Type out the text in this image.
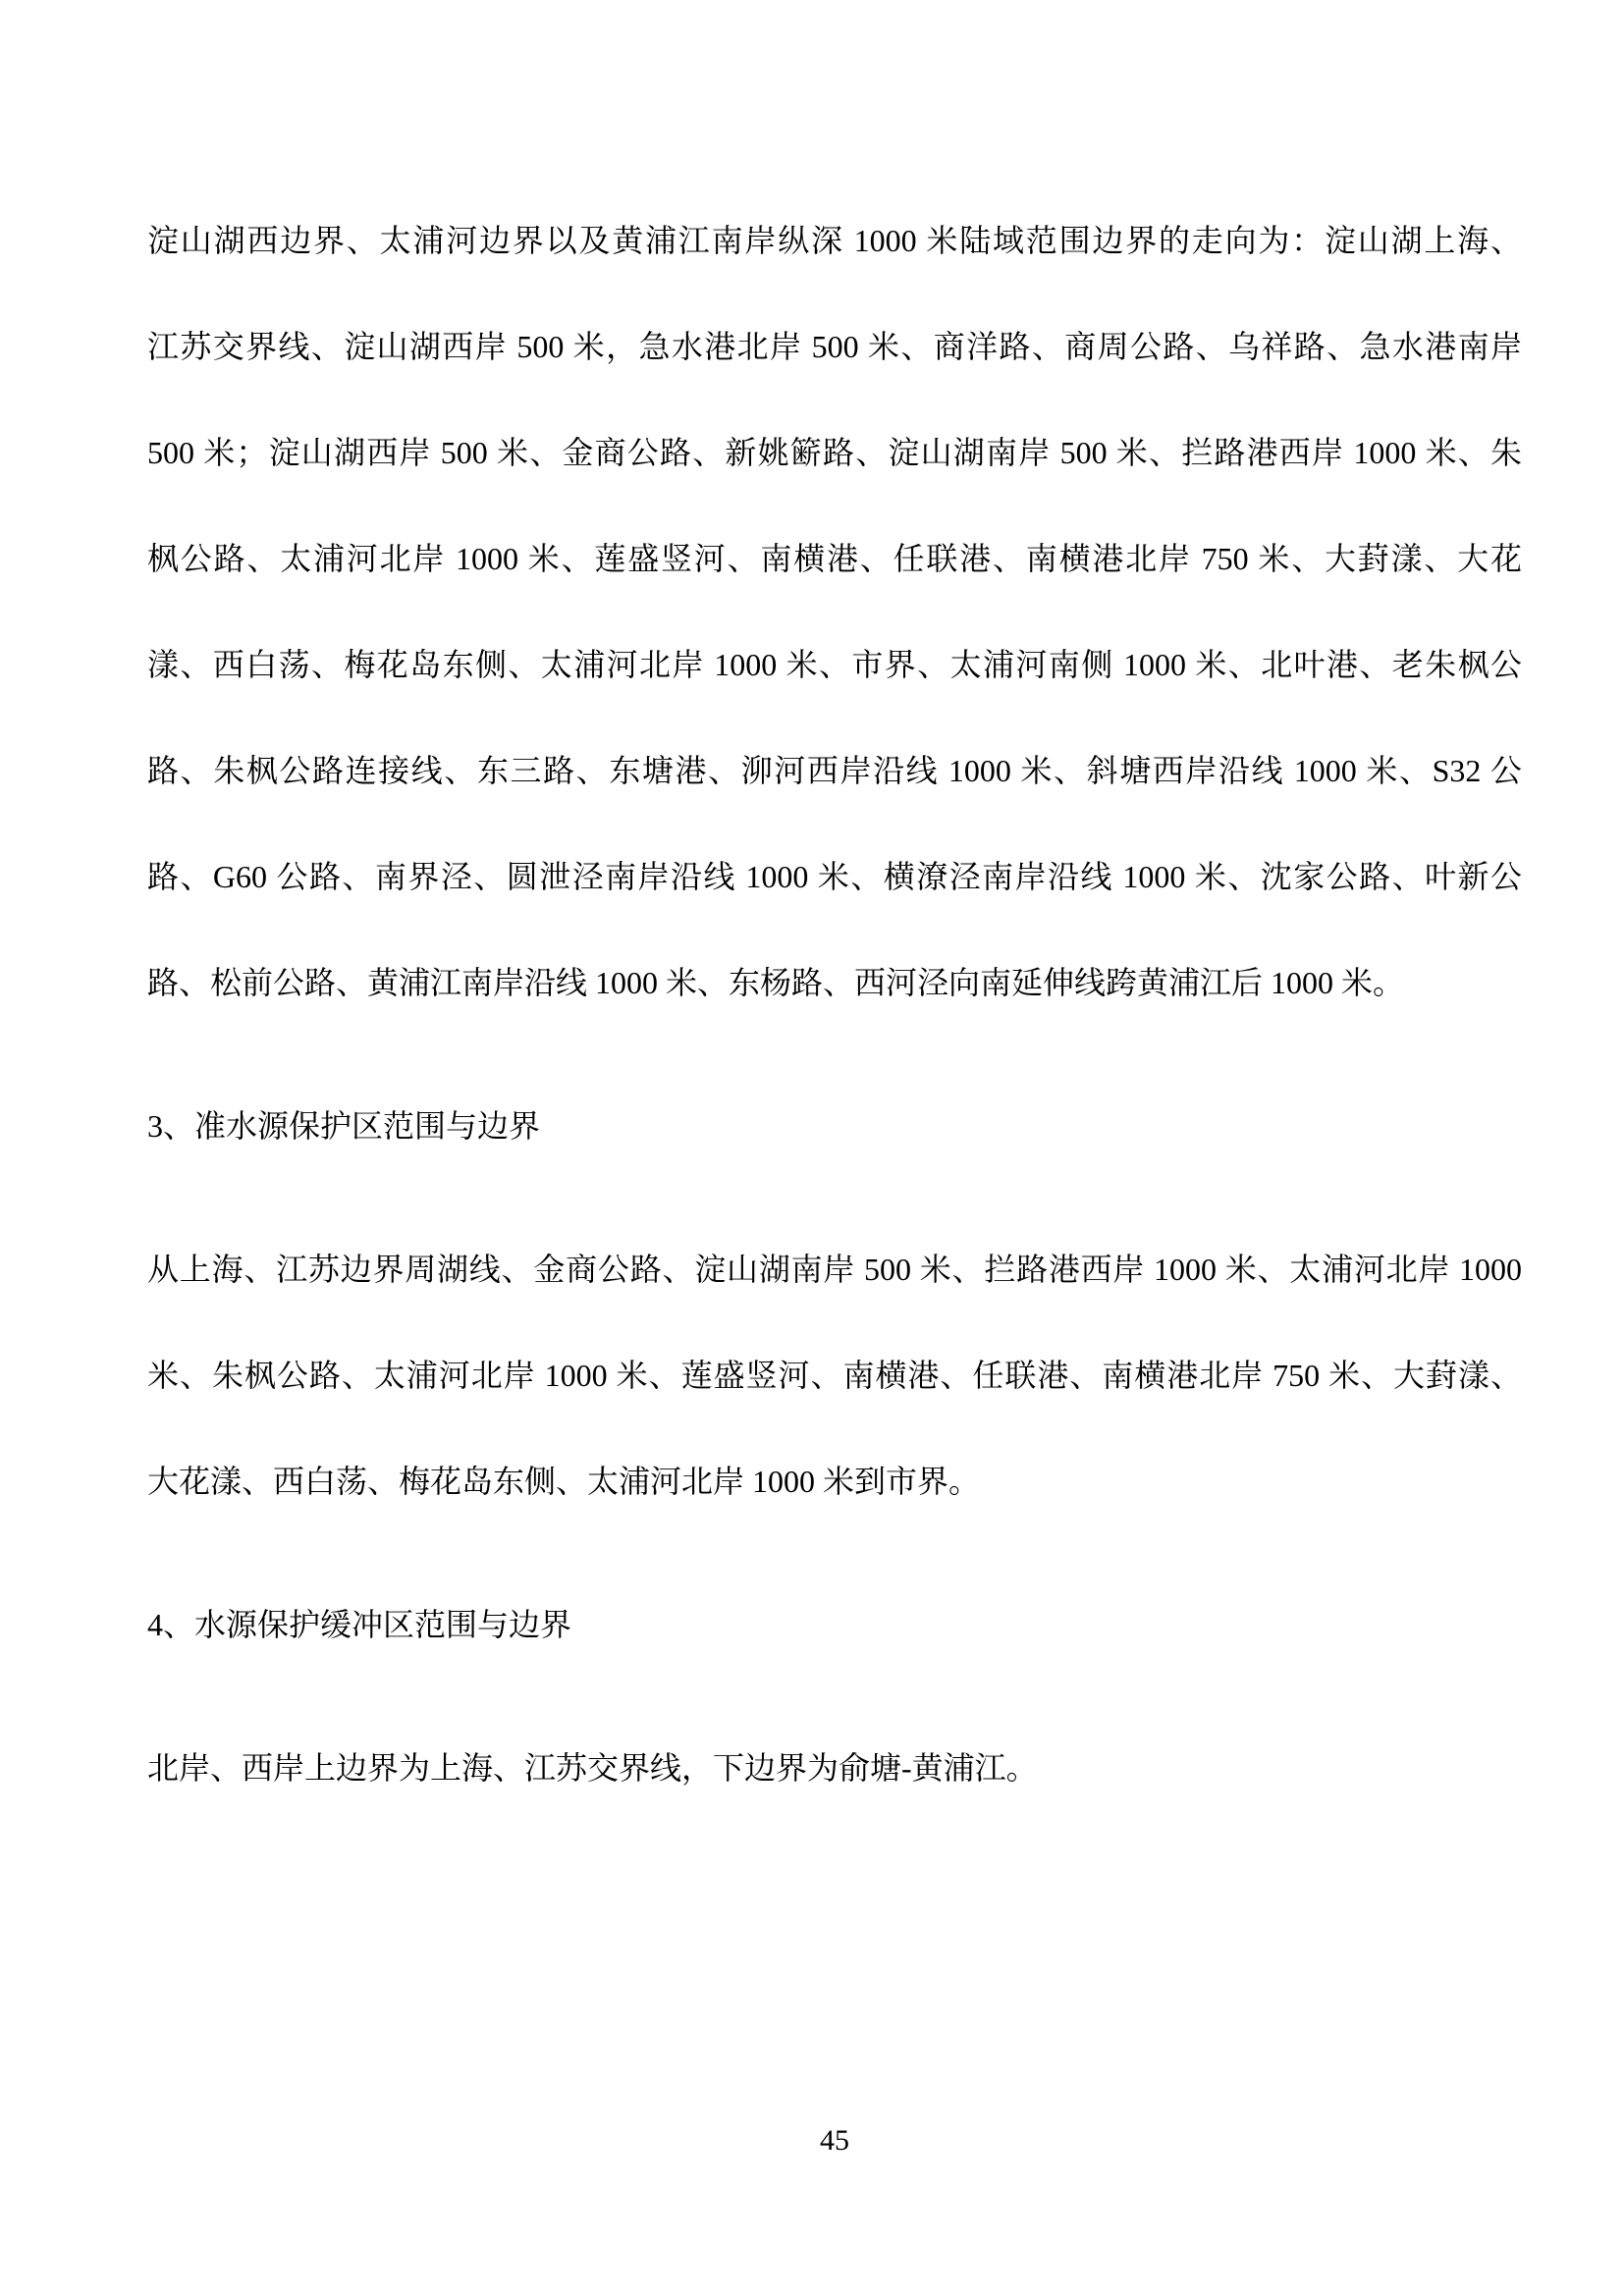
淀山湖西边界、太浦河边界以及黄浦江南岸纵深 1000 米陆域范围边界的走向为：淀山湖上海、
江苏交界线、淀山湖西岸 500 米，急水港北岸 500 米、商洋路、商周公路、乌祥路、急水港南岸
500 米；淀山湖西岸 500 米、金商公路、新姚簖路、淀山湖南岸 500 米、拦路港西岸 1000 米、朱
枫公路、太浦河北岸 1000 米、莲盛竖河、南横港、任联港、南横港北岸 750 米、大葑漾、大花
漾、西白荡、梅花岛东侧、太浦河北岸 1000 米、市界、太浦河南侧 1000 米、北叶港、老朱枫公
路、朱枫公路连接线、东三路、东塘港、泖河西岸沿线 1000 米、斜塘西岸沿线 1000 米、S32 公
路、G60 公路、南界泾、圆泄泾南岸沿线 1000 米、横潦泾南岸沿线 1000 米、沈家公路、叶新公
路、松前公路、黄浦江南岸沿线 1000 米、东杨路、西河泾向南延伸线跨黄浦江后 1000 米。

3、准水源保护区范围与边界

从上海、江苏边界周湖线、金商公路、淀山湖南岸 500 米、拦路港西岸 1000 米、太浦河北岸 1000
米、朱枫公路、太浦河北岸 1000 米、莲盛竖河、南横港、任联港、南横港北岸 750 米、大葑漾、
大花漾、西白荡、梅花岛东侧、太浦河北岸 1000 米到市界。

4、水源保护缓冲区范围与边界

北岸、西岸上边界为上海、江苏交界线，下边界为俞塘-黄浦江。

45
